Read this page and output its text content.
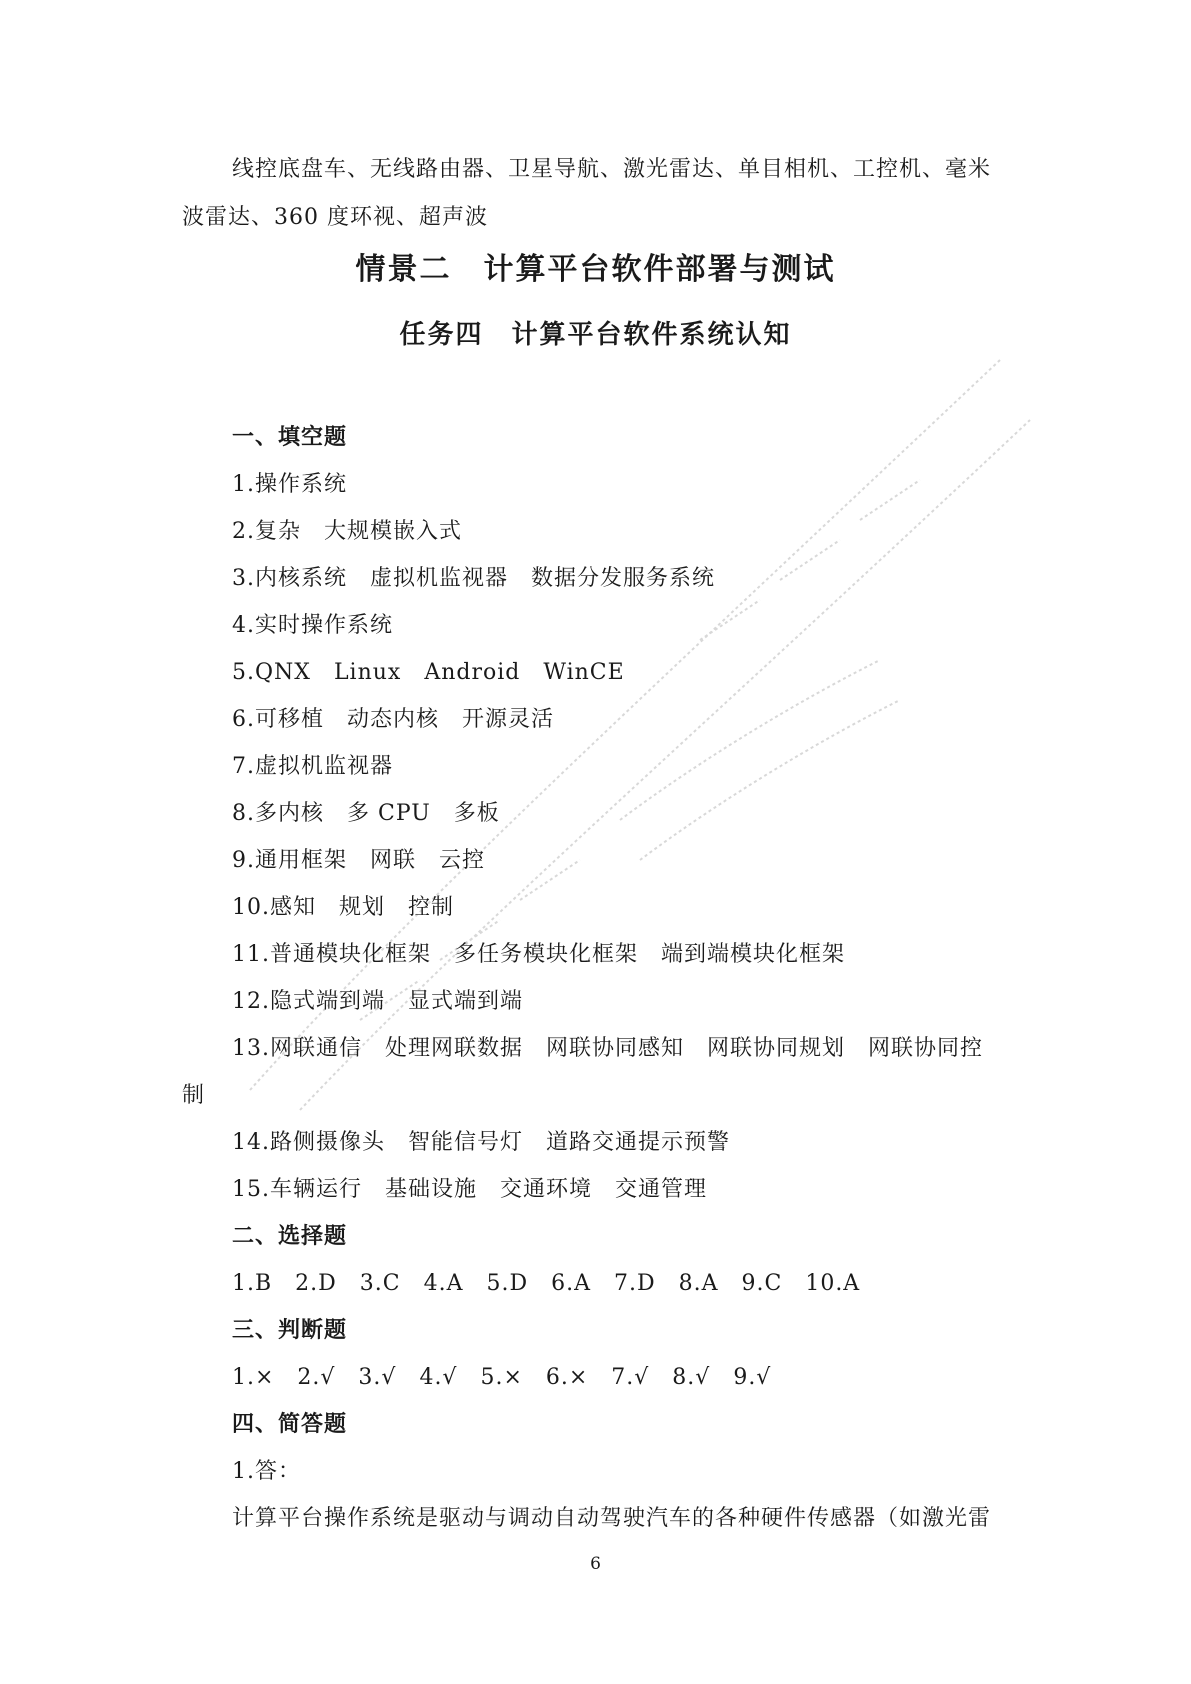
线控底盘车、无线路由器、卫星导航、激光雷达、单目相机、工控机、毫米
波雷达、360 度环视、超声波
情景二　计算平台软件部署与测试
任务四　计算平台软件系统认知
一、填空题
1.操作系统
2.复杂　大规模嵌入式
3.内核系统　虚拟机监视器　数据分发服务系统
4.实时操作系统
5.QNX　Linux　Android　WinCE
6.可移植　动态内核　开源灵活
7.虚拟机监视器
8.多内核　多 CPU　多板
9.通用框架　网联　云控
10.感知　规划　控制
11.普通模块化框架　多任务模块化框架　端到端模块化框架
12.隐式端到端　显式端到端
13.网联通信　处理网联数据　网联协同感知　网联协同规划　网联协同控
制
14.路侧摄像头　智能信号灯　道路交通提示预警
15.车辆运行　基础设施　交通环境　交通管理
二、选择题
1.B　2.D　3.C　4.A　5.D　6.A　7.D　8.A　9.C　10.A
三、判断题
1.×　2.√　3.√　4.√　5.×　6.×　7.√　8.√　9.√
四、简答题
1.答：
计算平台操作系统是驱动与调动自动驾驶汽车的各种硬件传感器（如激光雷
6
